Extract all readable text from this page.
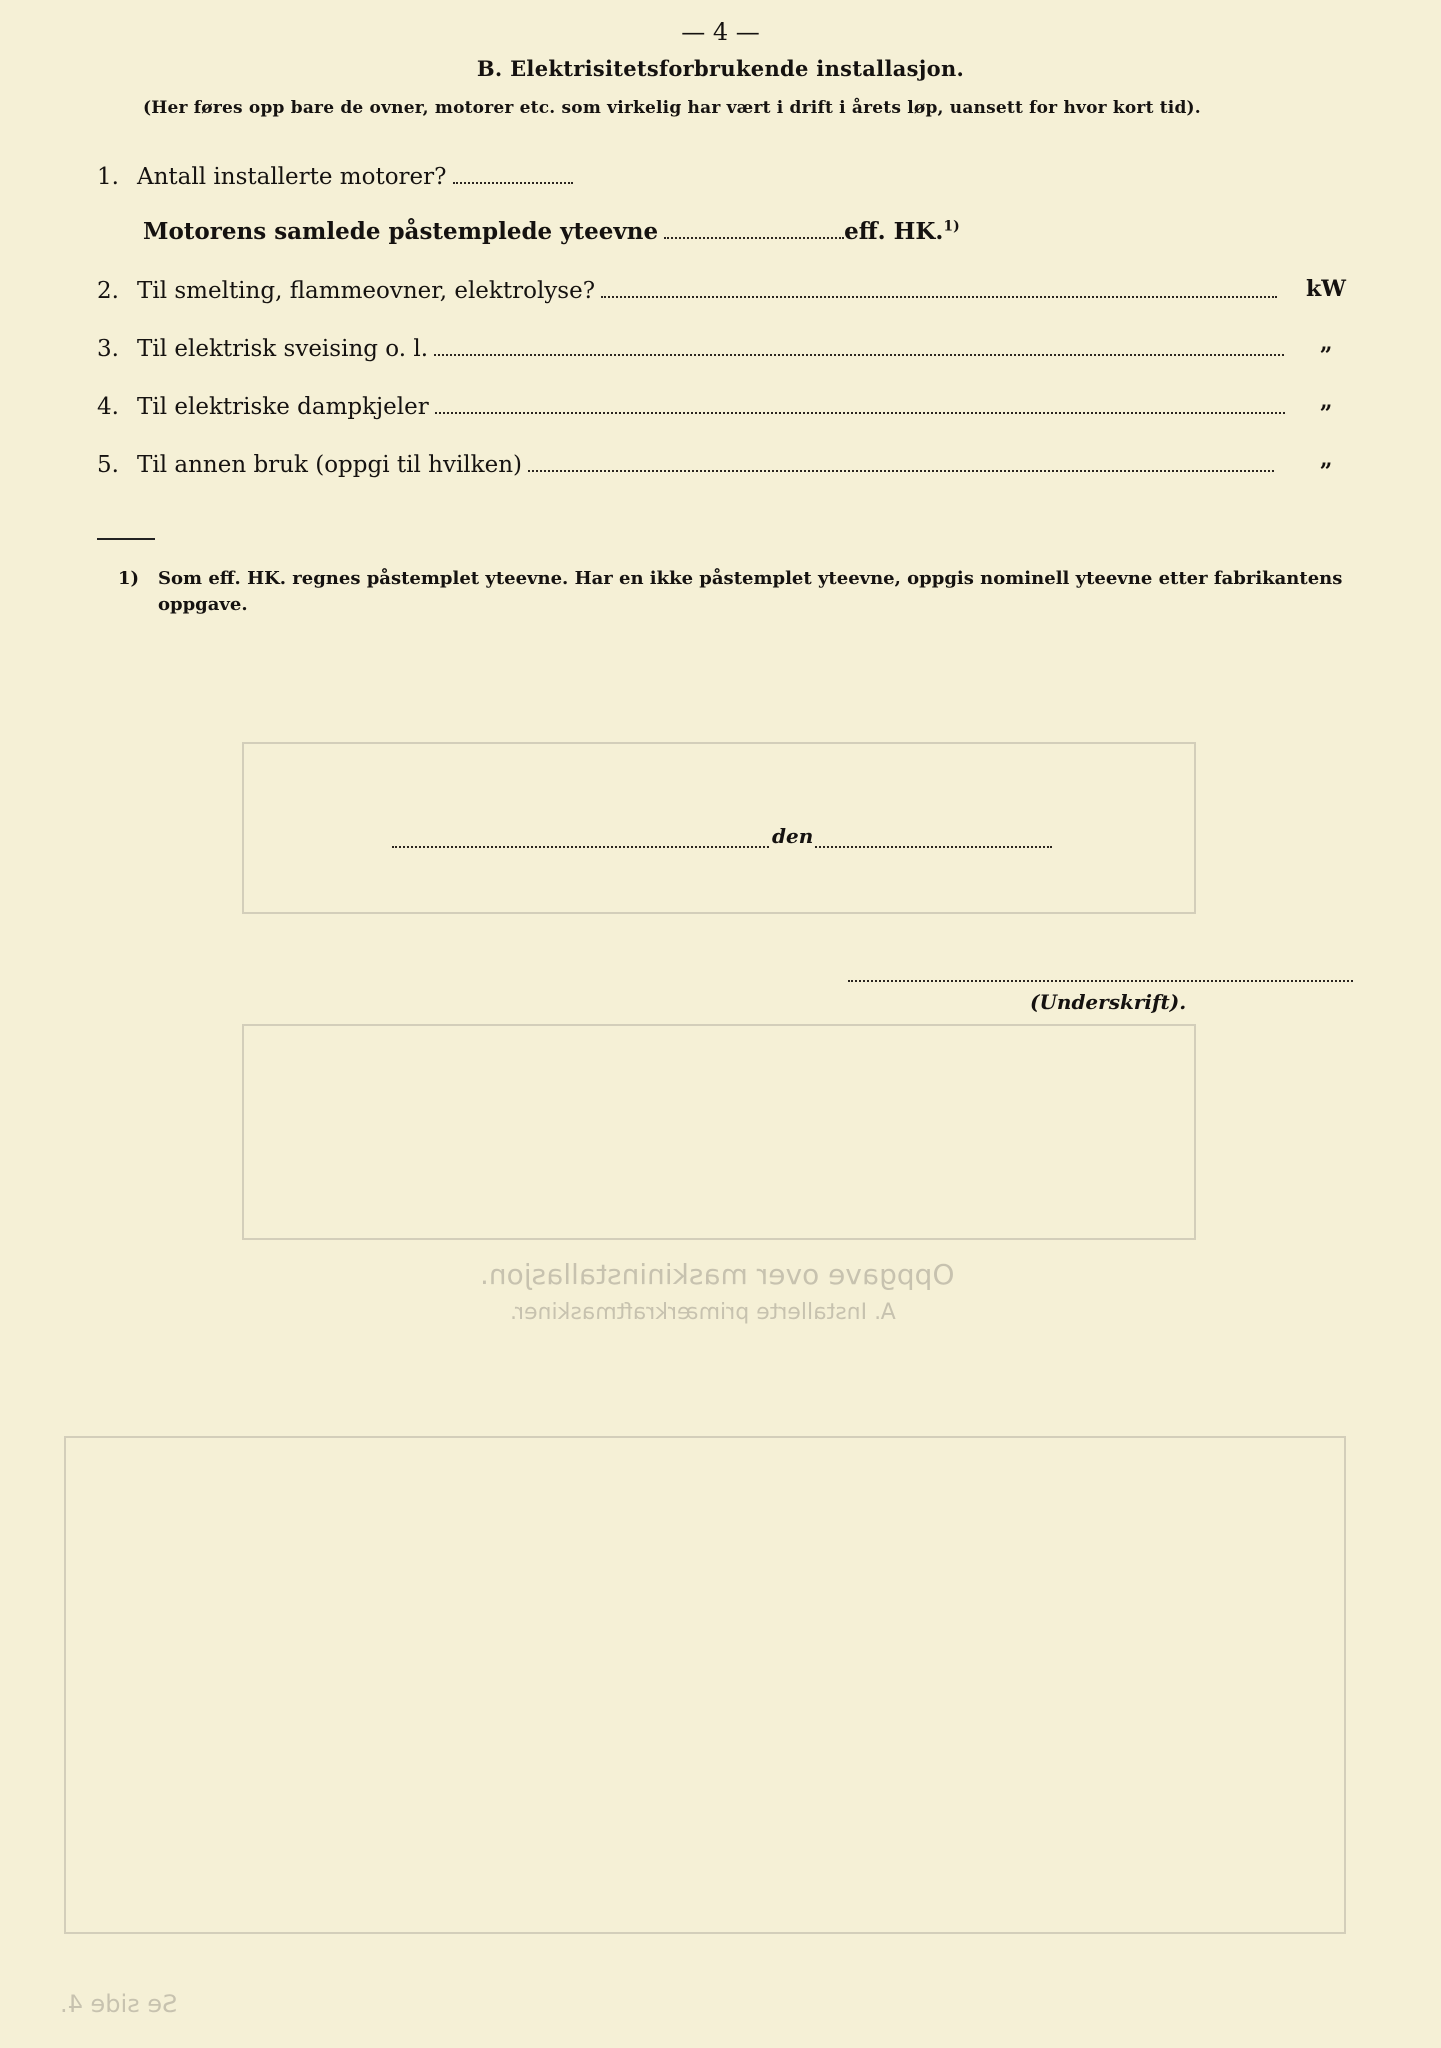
Oppgave over maskininstallasjon.
A. Installerte primærkraftmaskiner.
Se side 4.
— 4 —
B. Elektrisitetsforbrukende installasjon.
(Her føres opp bare de ovner, motorer etc. som virkelig har vært i drift i årets løp, uansett for hvor kort tid).
1. Antall installerte motorer?
Motorens samlede påstemplede yteevne	eff. HK.$^{1)}$
2. Til smelting, flammeovner, elektrolyse?	kW
3. Til elektrisk sveising o. l.	„
4. Til elektriske dampkjeler	„
5. Til annen bruk (oppgi til hvilken)	„
1)	Som eff. HK. regnes påstemplet yteevne. Har en ikke påstemplet yteevne, oppgis nominell yteevne etter fabrikantens oppgave.
den
(Underskrift).
